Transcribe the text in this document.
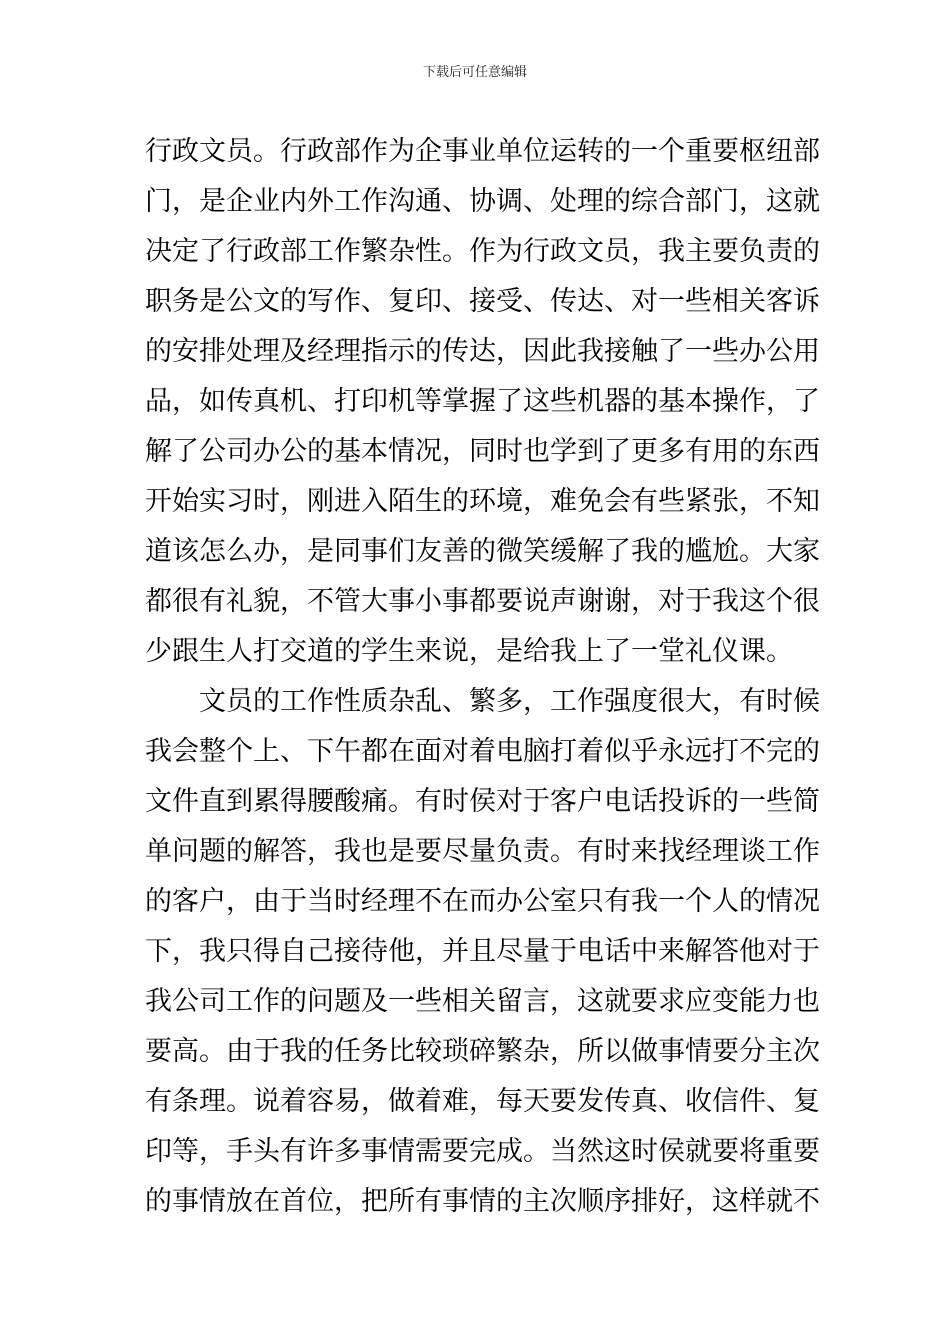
下载后可任意编辑
行政文员。行政部作为企事业单位运转的一个重要枢纽部
门，是企业内外工作沟通、协调、处理的综合部门，这就
决定了行政部工作繁杂性。作为行政文员，我主要负责的
职务是公文的写作、复印、接受、传达、对一些相关客诉
的安排处理及经理指示的传达，因此我接触了一些办公用
品，如传真机、打印机等掌握了这些机器的基本操作，了
解了公司办公的基本情况，同时也学到了更多有用的东西
开始实习时，刚进入陌生的环境，难免会有些紧张，不知
道该怎么办，是同事们友善的微笑缓解了我的尴尬。大家
都很有礼貌，不管大事小事都要说声谢谢，对于我这个很
少跟生人打交道的学生来说，是给我上了一堂礼仪课。
文员的工作性质杂乱、繁多，工作强度很大，有时候
我会整个上、下午都在面对着电脑打着似乎永远打不完的
文件直到累得腰酸痛。有时侯对于客户电话投诉的一些简
单问题的解答，我也是要尽量负责。有时来找经理谈工作
的客户，由于当时经理不在而办公室只有我一个人的情况
下，我只得自己接待他，并且尽量于电话中来解答他对于
我公司工作的问题及一些相关留言，这就要求应变能力也
要高。由于我的任务比较琐碎繁杂，所以做事情要分主次
有条理。说着容易，做着难，每天要发传真、收信件、复
印等，手头有许多事情需要完成。当然这时侯就要将重要
的事情放在首位，把所有事情的主次顺序排好，这样就不
